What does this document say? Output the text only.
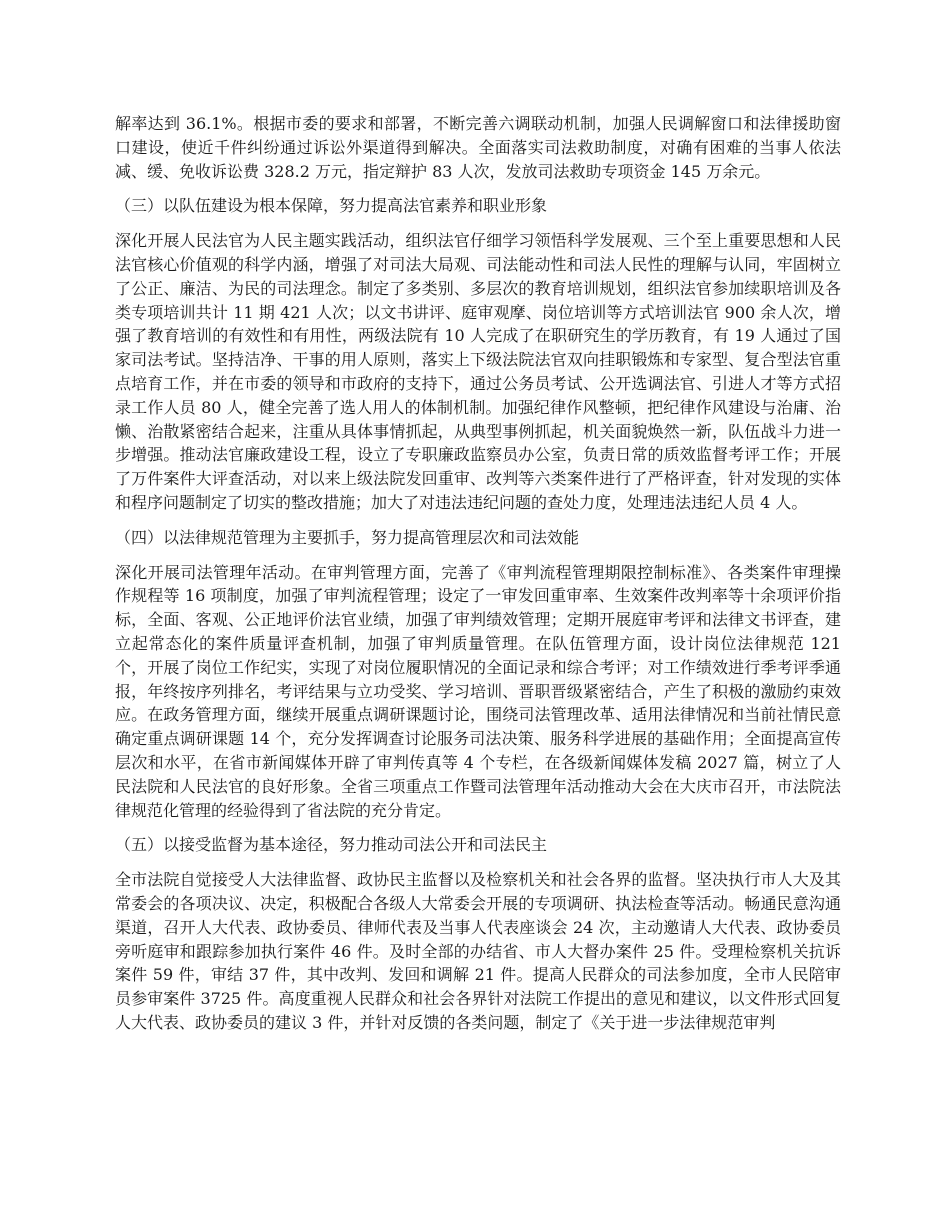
解率达到 36.1%。根据市委的要求和部署，不断完善六调联动机制，加强人民调解窗口和法律援助窗口建设，使近千件纠纷通过诉讼外渠道得到解决。全面落实司法救助制度，对确有困难的当事人依法减、缓、免收诉讼费 328.2 万元，指定辩护 83 人次，发放司法救助专项资金 145 万余元。

（三）以队伍建设为根本保障，努力提高法官素养和职业形象

深化开展人民法官为人民主题实践活动，组织法官仔细学习领悟科学发展观、三个至上重要思想和人民法官核心价值观的科学内涵，增强了对司法大局观、司法能动性和司法人民性的理解与认同，牢固树立了公正、廉洁、为民的司法理念。制定了多类别、多层次的教育培训规划，组织法官参加续职培训及各类专项培训共计 11 期 421 人次；以文书讲评、庭审观摩、岗位培训等方式培训法官 900 余人次，增强了教育培训的有效性和有用性，两级法院有 10 人完成了在职研究生的学历教育，有 19 人通过了国家司法考试。坚持洁净、干事的用人原则，落实上下级法院法官双向挂职锻炼和专家型、复合型法官重点培育工作，并在市委的领导和市政府的支持下，通过公务员考试、公开选调法官、引进人才等方式招录工作人员 80 人，健全完善了选人用人的体制机制。加强纪律作风整顿，把纪律作风建设与治庸、治懒、治散紧密结合起来，注重从具体事情抓起，从典型事例抓起，机关面貌焕然一新，队伍战斗力进一步增强。推动法官廉政建设工程，设立了专职廉政监察员办公室，负责日常的质效监督考评工作；开展了万件案件大评查活动，对以来上级法院发回重审、改判等六类案件进行了严格评查，针对发现的实体和程序问题制定了切实的整改措施；加大了对违法违纪问题的查处力度，处理违法违纪人员 4 人。

（四）以法律规范管理为主要抓手，努力提高管理层次和司法效能

深化开展司法管理年活动。在审判管理方面，完善了《审判流程管理期限控制标准》、各类案件审理操作规程等 16 项制度，加强了审判流程管理；设定了一审发回重审率、生效案件改判率等十余项评价指标，全面、客观、公正地评价法官业绩，加强了审判绩效管理；定期开展庭审考评和法律文书评查，建立起常态化的案件质量评查机制，加强了审判质量管理。在队伍管理方面，设计岗位法律规范 121 个，开展了岗位工作纪实，实现了对岗位履职情况的全面记录和综合考评；对工作绩效进行季考评季通报，年终按序列排名，考评结果与立功受奖、学习培训、晋职晋级紧密结合，产生了积极的激励约束效应。在政务管理方面，继续开展重点调研课题讨论，围绕司法管理改革、适用法律情况和当前社情民意确定重点调研课题 14 个，充分发挥调查讨论服务司法决策、服务科学进展的基础作用；全面提高宣传层次和水平，在省市新闻媒体开辟了审判传真等 4 个专栏，在各级新闻媒体发稿 2027 篇，树立了人民法院和人民法官的良好形象。全省三项重点工作暨司法管理年活动推动大会在大庆市召开，市法院法律规范化管理的经验得到了省法院的充分肯定。

（五）以接受监督为基本途径，努力推动司法公开和司法民主

全市法院自觉接受人大法律监督、政协民主监督以及检察机关和社会各界的监督。坚决执行市人大及其常委会的各项决议、决定，积极配合各级人大常委会开展的专项调研、执法检查等活动。畅通民意沟通渠道，召开人大代表、政协委员、律师代表及当事人代表座谈会 24 次，主动邀请人大代表、政协委员旁听庭审和跟踪参加执行案件 46 件。及时全部的办结省、市人大督办案件 25 件。受理检察机关抗诉案件 59 件，审结 37 件，其中改判、发回和调解 21 件。提高人民群众的司法参加度，全市人民陪审员参审案件 3725 件。高度重视人民群众和社会各界针对法院工作提出的意见和建议，以文件形式回复人大代表、政协委员的建议 3 件，并针对反馈的各类问题，制定了《关于进一步法律规范审判
